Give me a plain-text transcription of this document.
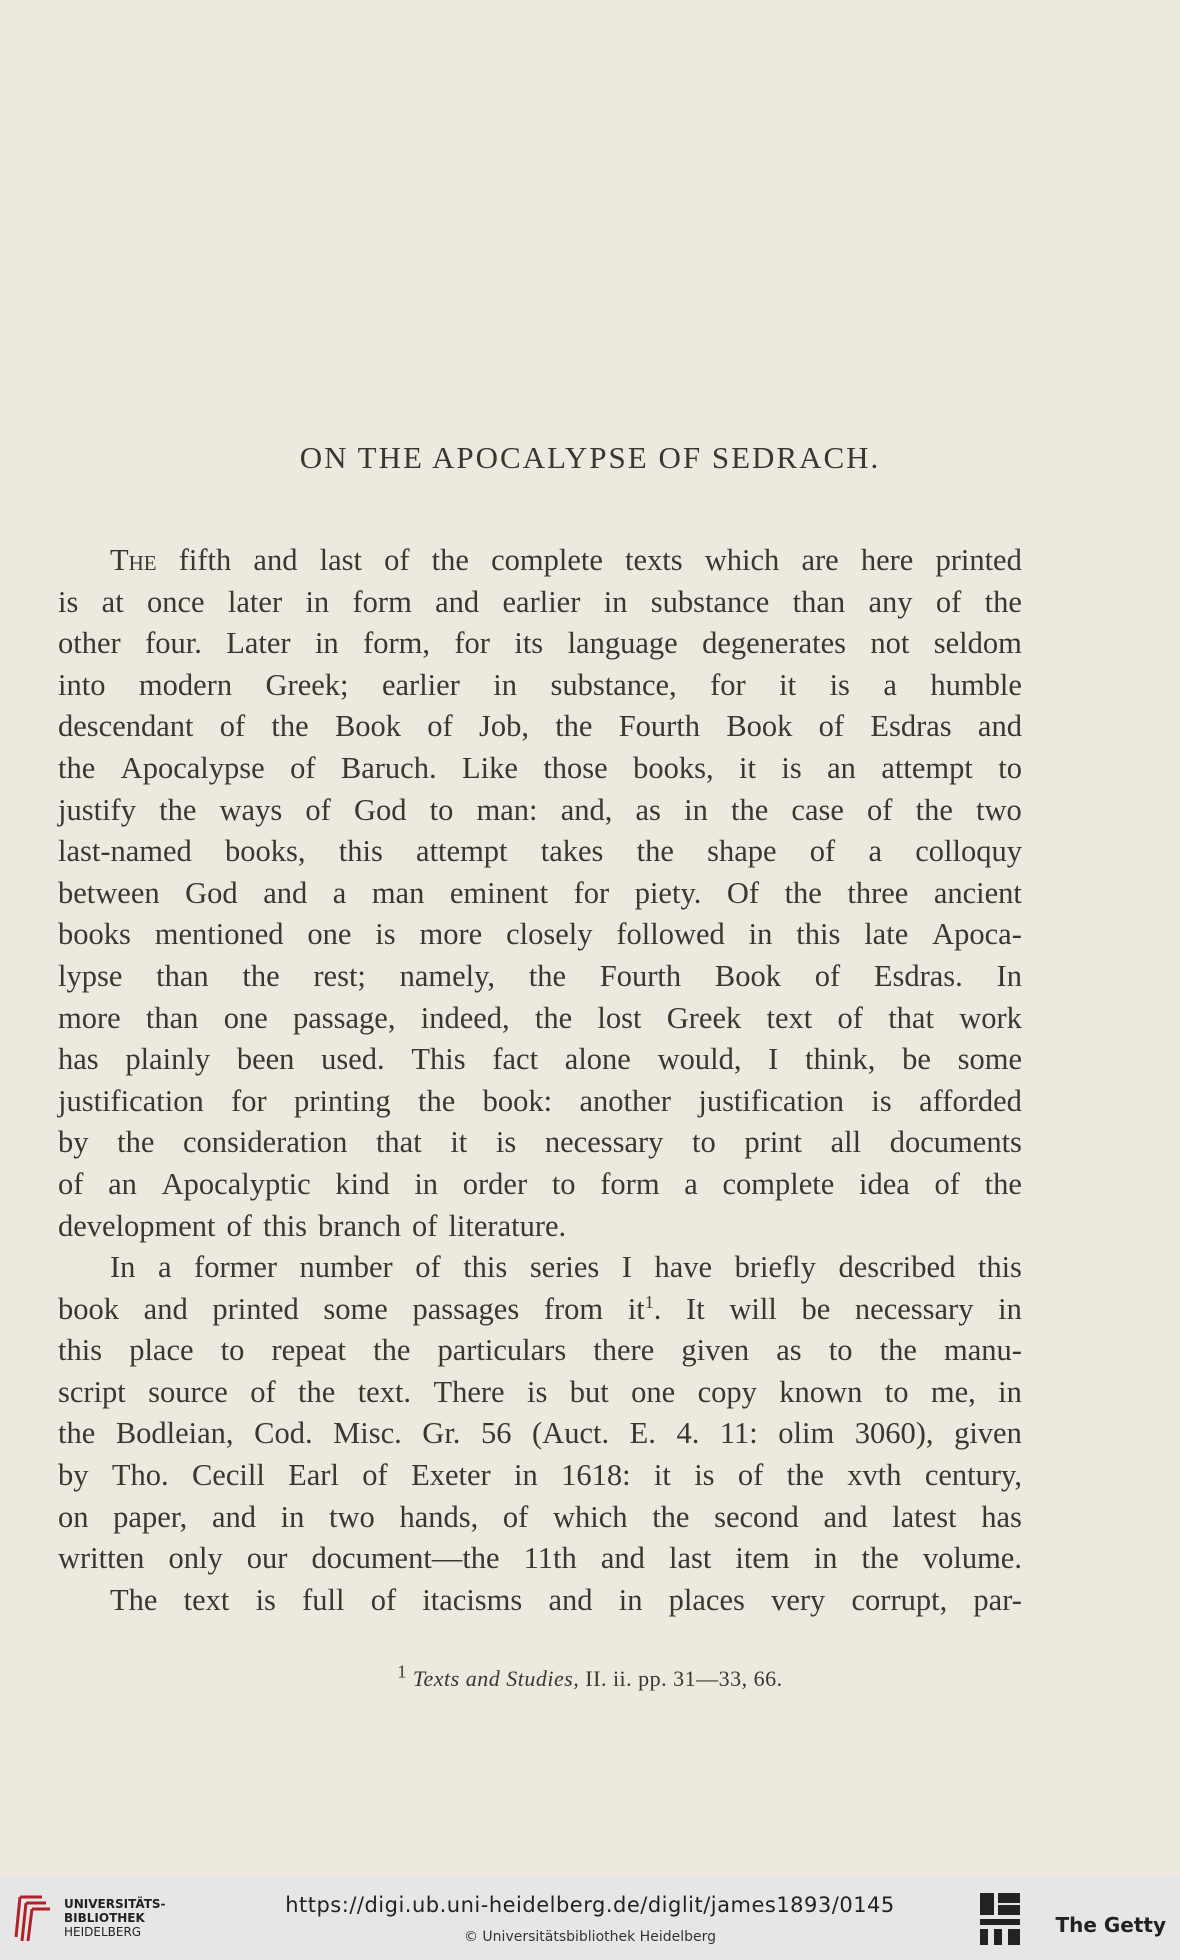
ON THE APOCALYPSE OF SEDRACH.
The fifth and last of the complete texts which are here printed
is at once later in form and earlier in substance than any of the
other four. Later in form, for its language degenerates not seldom
into modern Greek; earlier in substance, for it is a humble
descendant of the Book of Job, the Fourth Book of Esdras and
the Apocalypse of Baruch. Like those books, it is an attempt to
justify the ways of God to man: and, as in the case of the two
last-named books, this attempt takes the shape of a colloquy
between God and a man eminent for piety. Of the three ancient
books mentioned one is more closely followed in this late Apoca-
lypse than the rest; namely, the Fourth Book of Esdras. In
more than one passage, indeed, the lost Greek text of that work
has plainly been used. This fact alone would, I think, be some
justification for printing the book: another justification is afforded
by the consideration that it is necessary to print all documents
of an Apocalyptic kind in order to form a complete idea of the
development of this branch of literature.
In a former number of this series I have briefly described this
book and printed some passages from $it^1$. It will be necessary in
this place to repeat the particulars there given as to the manu-
script source of the text. There is but one copy known to me, in
the Bodleian, Cod. Misc. Gr. 56 (Auct. E. 4. 11: olim 3060), given
by Tho. Cecill Earl of Exeter in 1618: it is of the xvth century,
on paper, and in two hands, of which the second and latest has
written only our document—the 11th and last item in the volume.
The text is full of itacisms and in places very corrupt, par-
$^1$ Texts and Studies, II. ii. pp. 31—33, 66.
UNIVERSITÄTS-
BIBLIOTHEK
HEIDELBERG
https://digi.ub.uni-heidelberg.de/diglit/james1893/0145
© Universitätsbibliothek Heidelberg	The Getty
